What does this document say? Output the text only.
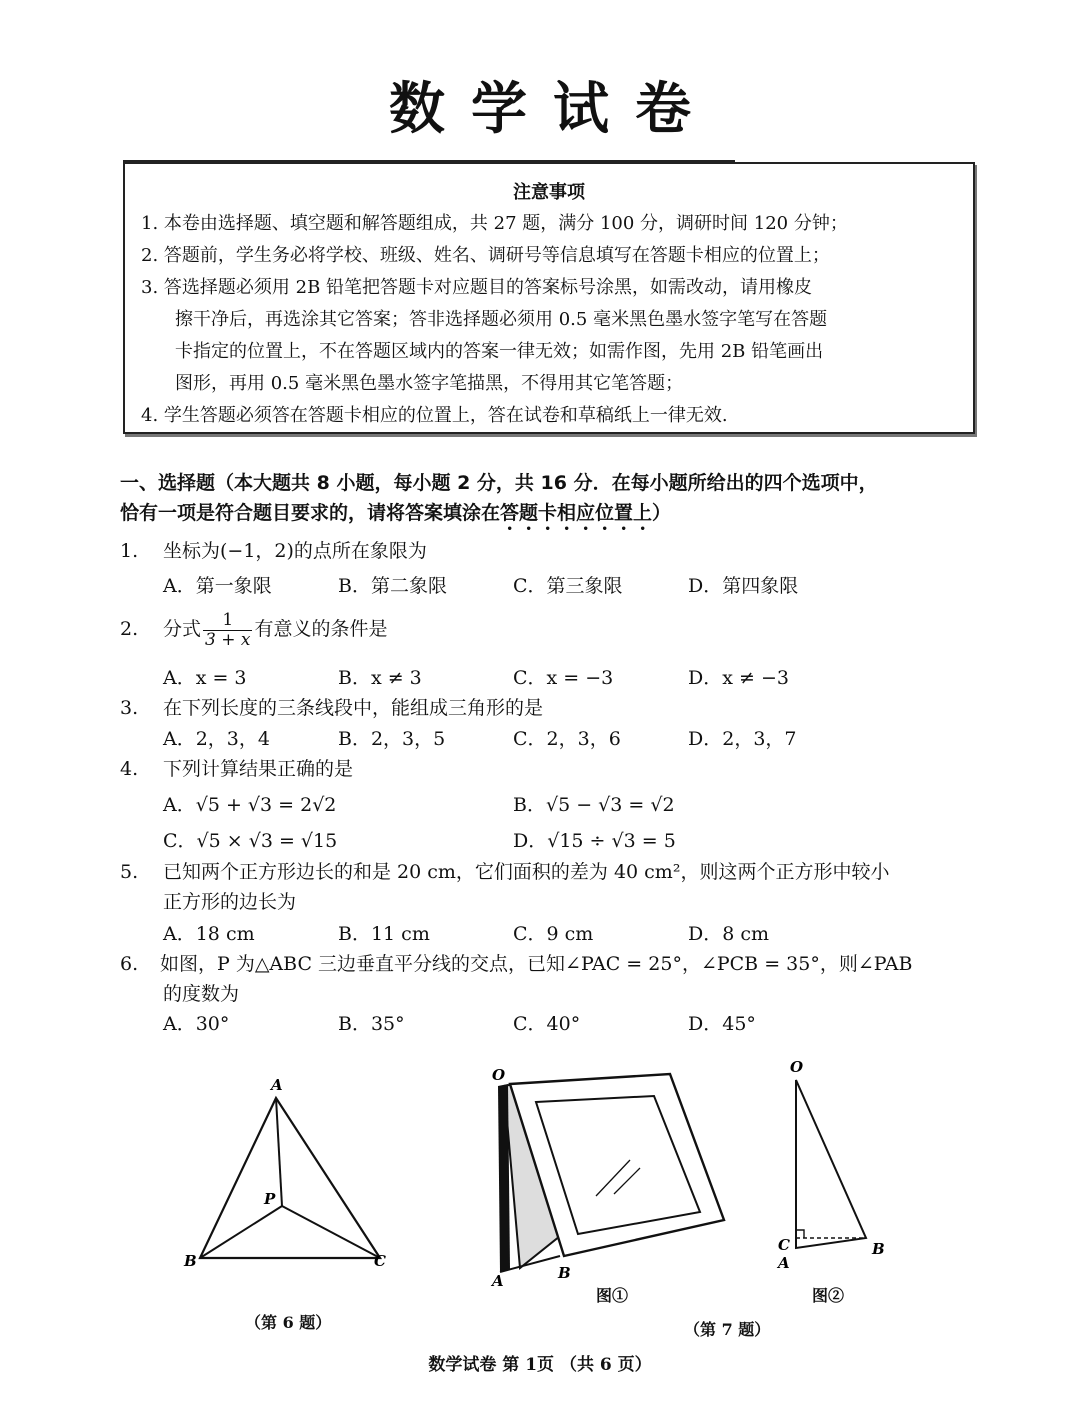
数学试卷
注意事项
1. 本卷由选择题、填空题和解答题组成，共 27 题，满分 100 分，调研时间 120 分钟；
2. 答题前，学生务必将学校、班级、姓名、调研号等信息填写在答题卡相应的位置上；
3. 答选择题必须用 2B 铅笔把答题卡对应题目的答案标号涂黑，如需改动，请用橡皮
擦干净后，再选涂其它答案；答非选择题必须用 0.5 毫米黑色墨水签字笔写在答题
卡指定的位置上，不在答题区域内的答案一律无效；如需作图，先用 2B 铅笔画出
图形，再用 0.5 毫米黑色墨水签字笔描黑，不得用其它笔答题；
4. 学生答题必须答在答题卡相应的位置上，答在试卷和草稿纸上一律无效.
一、选择题（本大题共 8 小题，每小题 2 分，共 16 分．在每小题所给出的四个选项中，
恰有一项是符合题目要求的，请将答案填涂在答题卡相应位置上）
1. 坐标为(−1，2)的点所在象限为
A．第一象限	B．第二象限	C．第三象限	D．第四象限
2. 分式 $\frac{1}{3 + x}$ 有意义的条件是
A．x = 3	B．x ≠ 3	C．x = −3	D．x ≠ −3
3. 在下列长度的三条线段中，能组成三角形的是
A．2，3，4	B．2，3，5	C．2，3，6	D．2，3，7
4. 下列计算结果正确的是
A．√5 + √3 = 2√2	B．√5 − √3 = √2
C．√5 × √3 = √15	D．√15 ÷ √3 = 5
5. 已知两个正方形边长的和是 20 cm，它们面积的差为 40 cm²，则这两个正方形中较小
正方形的边长为
A．18 cm	B．11 cm	C．9 cm	D．8 cm
6. 如图，P 为△ABC 三边垂直平分线的交点，已知∠PAC = 25°，∠PCB = 35°，则∠PAB
的度数为
A．30°	B．35°	C．40°	D．45°
A
B	C
P
（第 6 题）
O
A	B
图①
O
C
A
B
图②
（第 7 题）
数学试卷 第 1页 （共 6 页）
